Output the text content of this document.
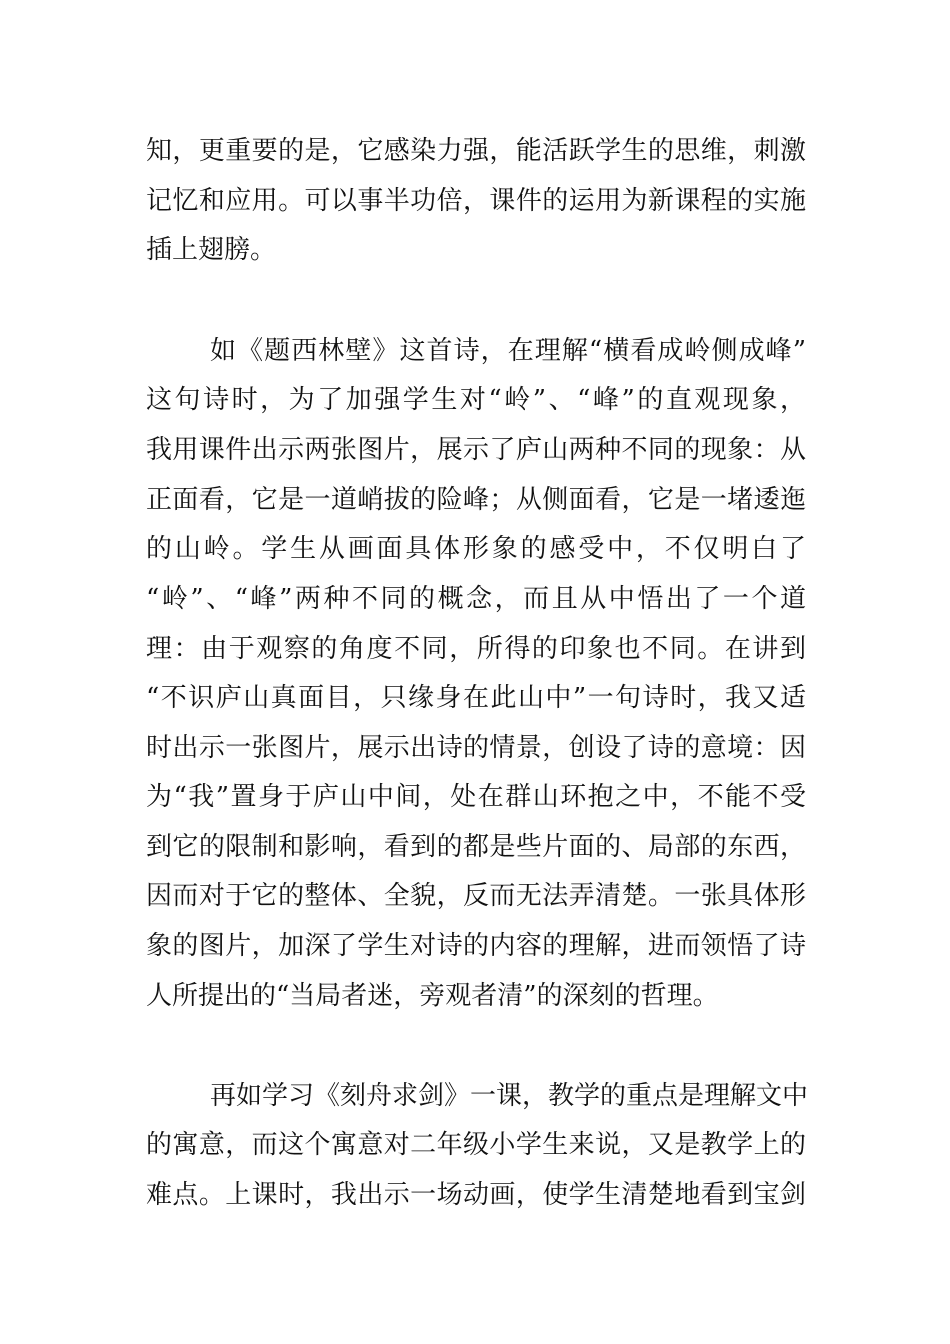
知，更重要的是，它感染力强，能活跃学生的思维，刺激
记忆和应用。可以事半功倍，课件的运用为新课程的实施
插上翅膀。
如《题西林壁》这首诗，在理解“横看成岭侧成峰”
这句诗时，为了加强学生对“岭”、“峰”的直观现象，
我用课件出示两张图片，展示了庐山两种不同的现象：从
正面看，它是一道峭拔的险峰；从侧面看，它是一堵逶迤
的山岭。学生从画面具体形象的感受中，不仅明白了
“岭”、“峰”两种不同的概念，而且从中悟出了一个道
理：由于观察的角度不同，所得的印象也不同。在讲到
“不识庐山真面目，只缘身在此山中”一句诗时，我又适
时出示一张图片，展示出诗的情景，创设了诗的意境：因
为“我”置身于庐山中间，处在群山环抱之中，不能不受
到它的限制和影响，看到的都是些片面的、局部的东西，
因而对于它的整体、全貌，反而无法弄清楚。一张具体形
象的图片，加深了学生对诗的内容的理解，进而领悟了诗
人所提出的“当局者迷，旁观者清”的深刻的哲理。
再如学习《刻舟求剑》一课，教学的重点是理解文中
的寓意，而这个寓意对二年级小学生来说，又是教学上的
难点。上课时，我出示一场动画，使学生清楚地看到宝剑
